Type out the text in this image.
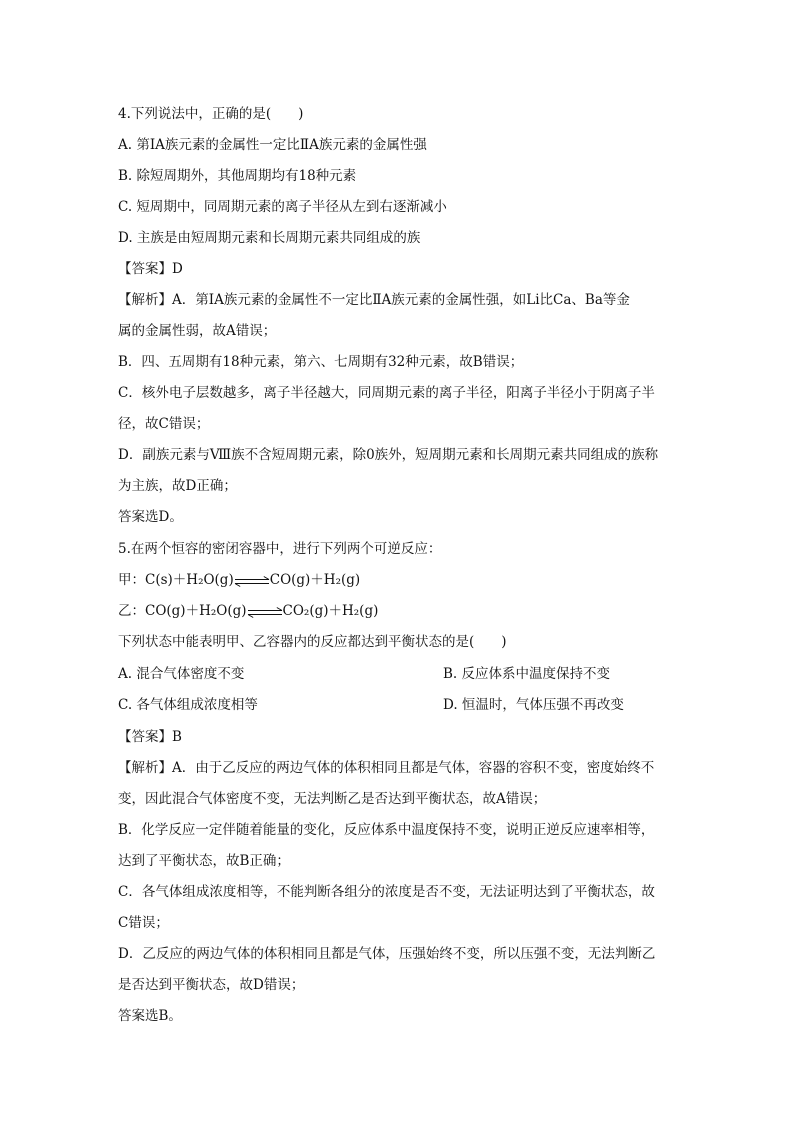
4.下列说法中，正确的是(　　)
A. 第ⅠA族元素的金属性一定比ⅡA族元素的金属性强
B. 除短周期外，其他周期均有18种元素
C. 短周期中，同周期元素的离子半径从左到右逐渐减小
D. 主族是由短周期元素和长周期元素共同组成的族
【答案】D
【解析】A．第ⅠA族元素的金属性不一定比ⅡA族元素的金属性强，如Li比Ca、Ba等金
属的金属性弱，故A错误；
B．四、五周期有18种元素，第六、七周期有32种元素，故B错误；
C．核外电子层数越多，离子半径越大，同周期元素的离子半径，阳离子半径小于阴离子半
径，故C错误；
D．副族元素与Ⅷ族不含短周期元素，除0族外，短周期元素和长周期元素共同组成的族称
为主族，故D正确；
答案选D。
5.在两个恒容的密闭容器中，进行下列两个可逆反应：
甲：C(s)＋H₂O(g)	CO(g)＋H₂(g)
乙：CO(g)＋H₂O(g)	CO₂(g)＋H₂(g)
下列状态中能表明甲、乙容器内的反应都达到平衡状态的是(　　)
A. 混合气体密度不变	B. 反应体系中温度保持不变
C. 各气体组成浓度相等	D. 恒温时，气体压强不再改变
【答案】B
【解析】A．由于乙反应的两边气体的体积相同且都是气体，容器的容积不变，密度始终不
变，因此混合气体密度不变，无法判断乙是否达到平衡状态，故A错误；
B．化学反应一定伴随着能量的变化，反应体系中温度保持不变，说明正逆反应速率相等，
达到了平衡状态，故B正确；
C．各气体组成浓度相等，不能判断各组分的浓度是否不变，无法证明达到了平衡状态，故
C错误；
D．乙反应的两边气体的体积相同且都是气体，压强始终不变，所以压强不变，无法判断乙
是否达到平衡状态，故D错误；
答案选B。
